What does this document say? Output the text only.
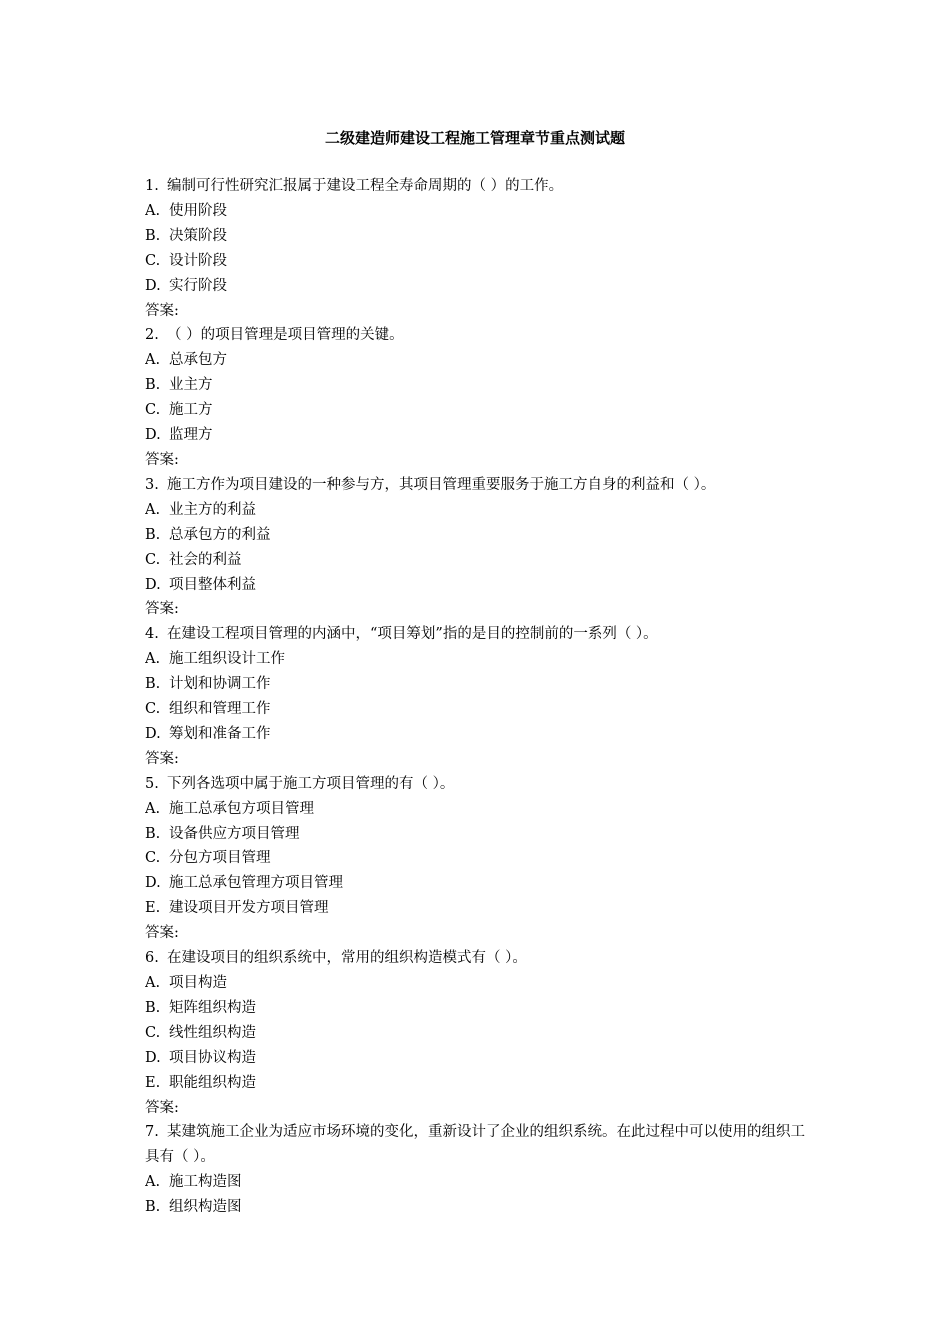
二级建造师建设工程施工管理章节重点测试题

1. 编制可行性研究汇报属于建设工程全寿命周期的（ ）的工作。

A. 使用阶段

B. 决策阶段

C. 设计阶段

D. 实行阶段

答案:

2. （ ）的项目管理是项目管理的关键。

A. 总承包方

B. 业主方

C. 施工方

D. 监理方

答案:

3. 施工方作为项目建设的一种参与方，其项目管理重要服务于施工方自身的利益和（ ）。

A. 业主方的利益

B. 总承包方的利益

C. 社会的利益

D. 项目整体利益

答案:

4. 在建设工程项目管理的内涵中，“项目筹划”指的是目的控制前的一系列（ ）。

A. 施工组织设计工作

B. 计划和协调工作

C. 组织和管理工作

D. 筹划和准备工作

答案:

5. 下列各选项中属于施工方项目管理的有（ ）。

A. 施工总承包方项目管理

B. 设备供应方项目管理

C. 分包方项目管理

D. 施工总承包管理方项目管理

E. 建设项目开发方项目管理

答案:

6. 在建设项目的组织系统中，常用的组织构造模式有（ ）。

A. 项目构造

B. 矩阵组织构造

C. 线性组织构造

D. 项目协议构造

E. 职能组织构造

答案:

7. 某建筑施工企业为适应市场环境的变化，重新设计了企业的组织系统。在此过程中可以使用的组织工具有（ ）。

A. 施工构造图

B. 组织构造图
